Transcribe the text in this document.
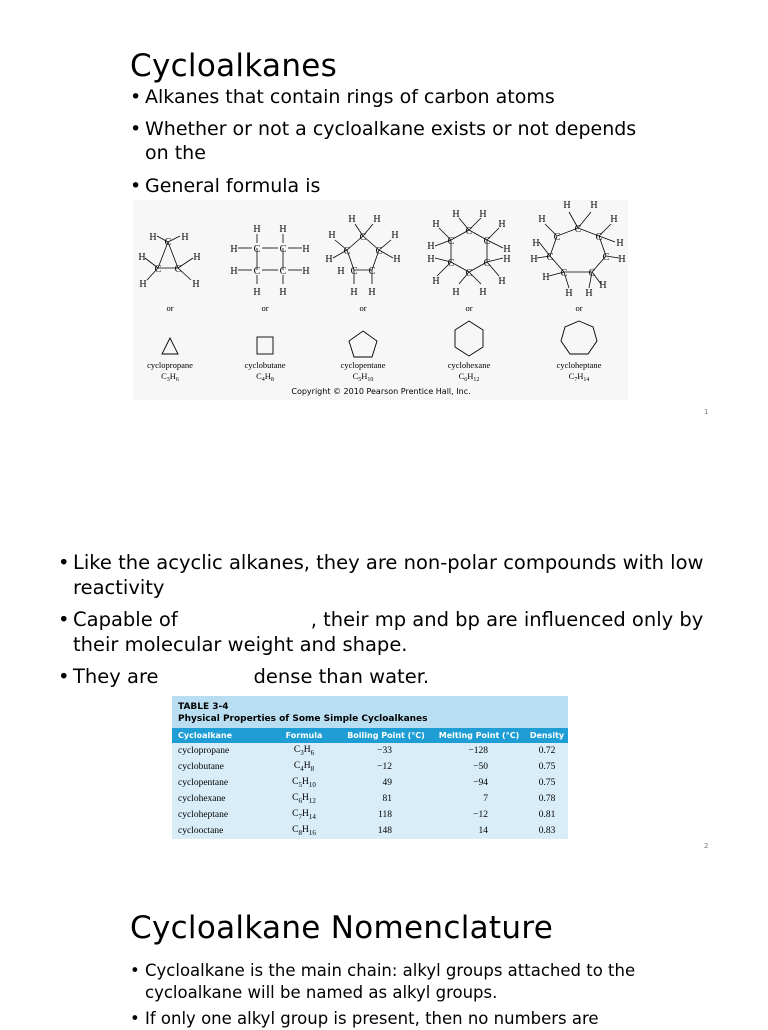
Cycloalkanes
• Alkanes that contain rings of carbon atoms
• Whether or not a cycloalkane exists or not depends
on the
• General formula is
C
C C
H H
H
H
H
H
H H
C C
C C
H	H
H	H
H H
H H
C
C	C
H	H
H	H
C C
H
H H
H H
C
C
C
C
C
C
H
H
H
H
H
H
H
H
H H
H H
C
C
C
C
C
C
C
H
H
H
H
H
H
H
H
H H
or	or	or	or	or
cyclopropane	cyclobutane	cyclopentane	cyclohexane	cycloheptane
$C_3H_6$	$C_4H_8$	$C_5H_{10}$	$C_6H_{12}$	$C_7H_{14}$
Copyright © 2010 Pearson Prentice Hall, Inc.
1
• Like the acyclic alkanes, they are non-polar compounds with low
reactivity
• Capable of	, their mp and bp are influenced only by
their molecular weight and shape.
• They are	dense than water.
TABLE 3-4
Physical Properties of Some Simple Cycloalkanes
Cycloalkane	Formula	Boiling Point (°C)	Melting Point (°C)	Density
cyclopropane	$C_3H_6$	−33	−128	0.72
cyclobutane	$C_4H_8$	−12	−50	0.75
cyclopentane	$C_5H_{10}$	49	−94	0.75
cyclohexane	$C_6H_{12}$	81	7	0.78
cycloheptane	$C_7H_{14}$	118	−12	0.81
cyclooctane	$C_8H_{16}$	148	14	0.83
2
Cycloalkane Nomenclature
• Cycloalkane is the main chain: alkyl groups attached to the
cycloalkane will be named as alkyl groups.
• If only one alkyl group is present, then no numbers are
